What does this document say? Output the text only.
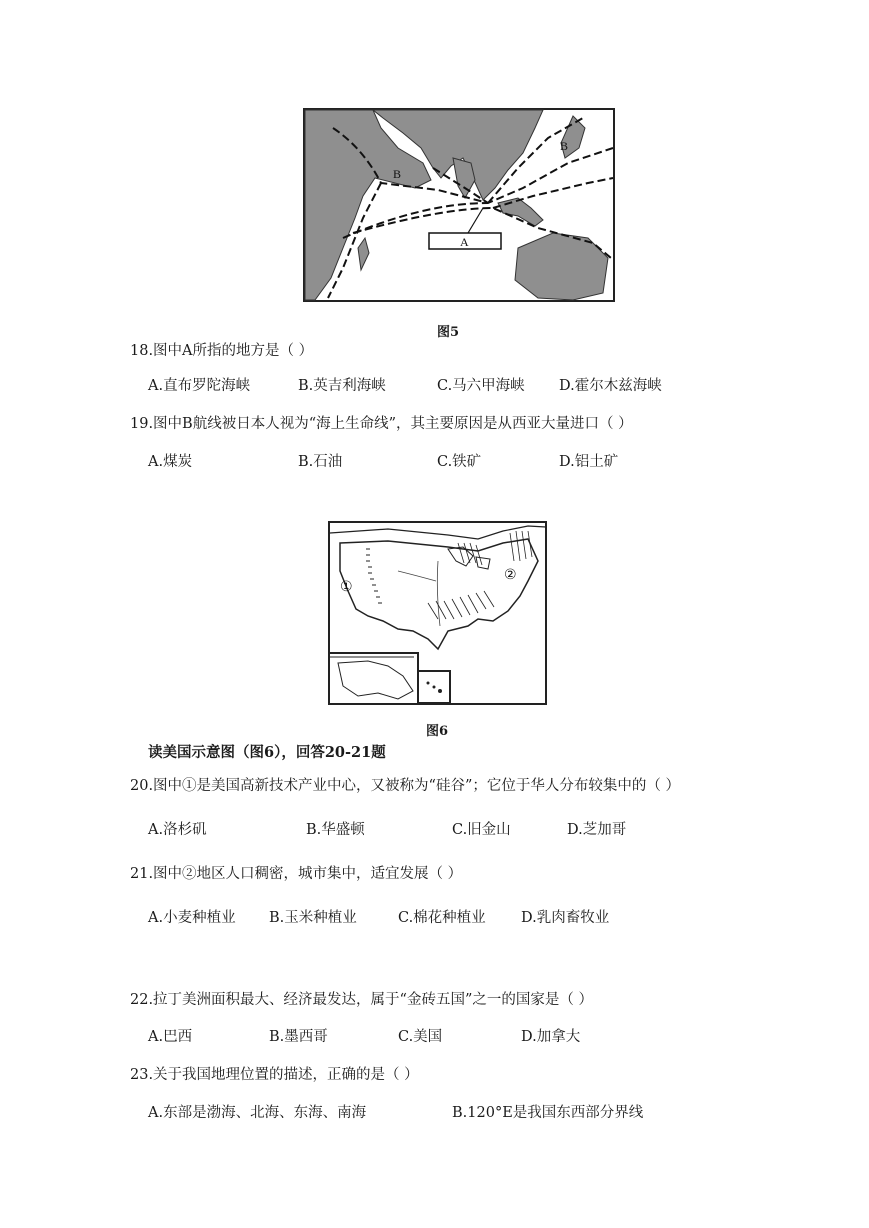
A
B
B
图5
18.图中A所指的地方是（ ）
A.直布罗陀海峡	B.英吉利海峡	C.马六甲海峡 D.霍尔木兹海峡
19.图中B航线被日本人视为“海上生命线”，其主要原因是从西亚大量进口（ ）
A.煤炭	B.石油	C.铁矿	D.铝土矿
①
②
图6
读美国示意图（图6），回答20-21题
20.图中①是美国高新技术产业中心，又被称为“硅谷”；它位于华人分布较集中的（ ）
A.洛杉矶	B.华盛顿	C.旧金山	D.芝加哥
21.图中②地区人口稠密，城市集中，适宜发展（ ）
A.小麦种植业 B.玉米种植业	C.棉花种植业 D.乳肉畜牧业
22.拉丁美洲面积最大、经济最发达，属于“金砖五国”之一的国家是（ ）
A.巴西	B.墨西哥	C.美国	D.加拿大
23.关于我国地理位置的描述，正确的是（ ）
A.东部是渤海、北海、东海、南海	B.120°E是我国东西部分界线
